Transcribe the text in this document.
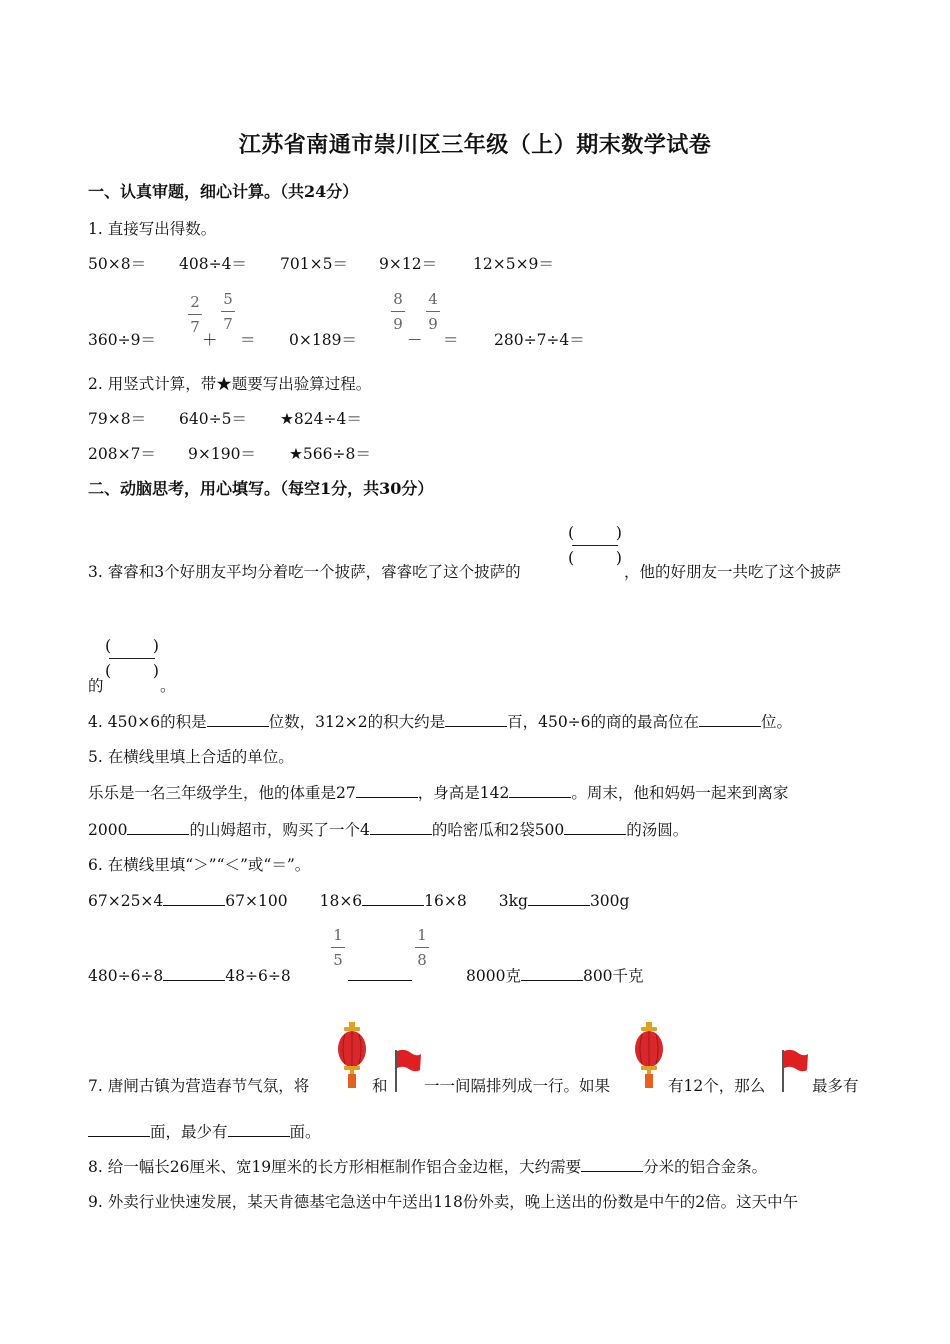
江苏省南通市崇川区三年级（上）期末数学试卷
一、认真审题，细心计算。（共24分）
1. 直接写出得数。
50×8＝ 408÷4＝ 701×5＝ 9×12＝ 12×5×9＝
360÷9＝
2
7
＋
5
7
＝ 0×189＝
8
9
－
4
9
＝ 280÷7÷4＝
2. 用竖式计算，带★题要写出验算过程。
79×8＝ 640÷5＝ ★824÷4＝
208×7＝ 9×190＝ ★566÷8＝
二、动脑思考，用心填写。（每空1分，共30分）
3. 睿睿和3个好朋友平均分着吃一个披萨，睿睿吃了这个披萨的
(	)
(	)
，他的好朋友一共吃了这个披萨
(	)
(	)
的	。
4. 450×6的积是	位数，312×2的积大约是	百，450÷6的商的最高位在	位。
5. 在横线里填上合适的单位。
乐乐是一名三年级学生，他的体重是27	，身高是142	。周末，他和妈妈一起来到离家
2000	的山姆超市，购买了一个4	的哈密瓜和2袋500	的汤圆。
6. 在横线里填“＞”“＜”或“＝”。
67×25×4	67×100 18×6	16×8 3kg	300g
480÷6÷8	48÷6÷8
1
5
1
8
8000克	800千克
7. 唐闸古镇为营造春节气氛，将	和 一一间隔排列成一行。如果	有12个，那么	最多有
面，最少有	面。
8. 给一幅长26厘米、宽19厘米的长方形相框制作铝合金边框，大约需要	分米的铝合金条。
9. 外卖行业快速发展，某天肯德基宅急送中午送出118份外卖，晚上送出的份数是中午的2倍。这天中午
